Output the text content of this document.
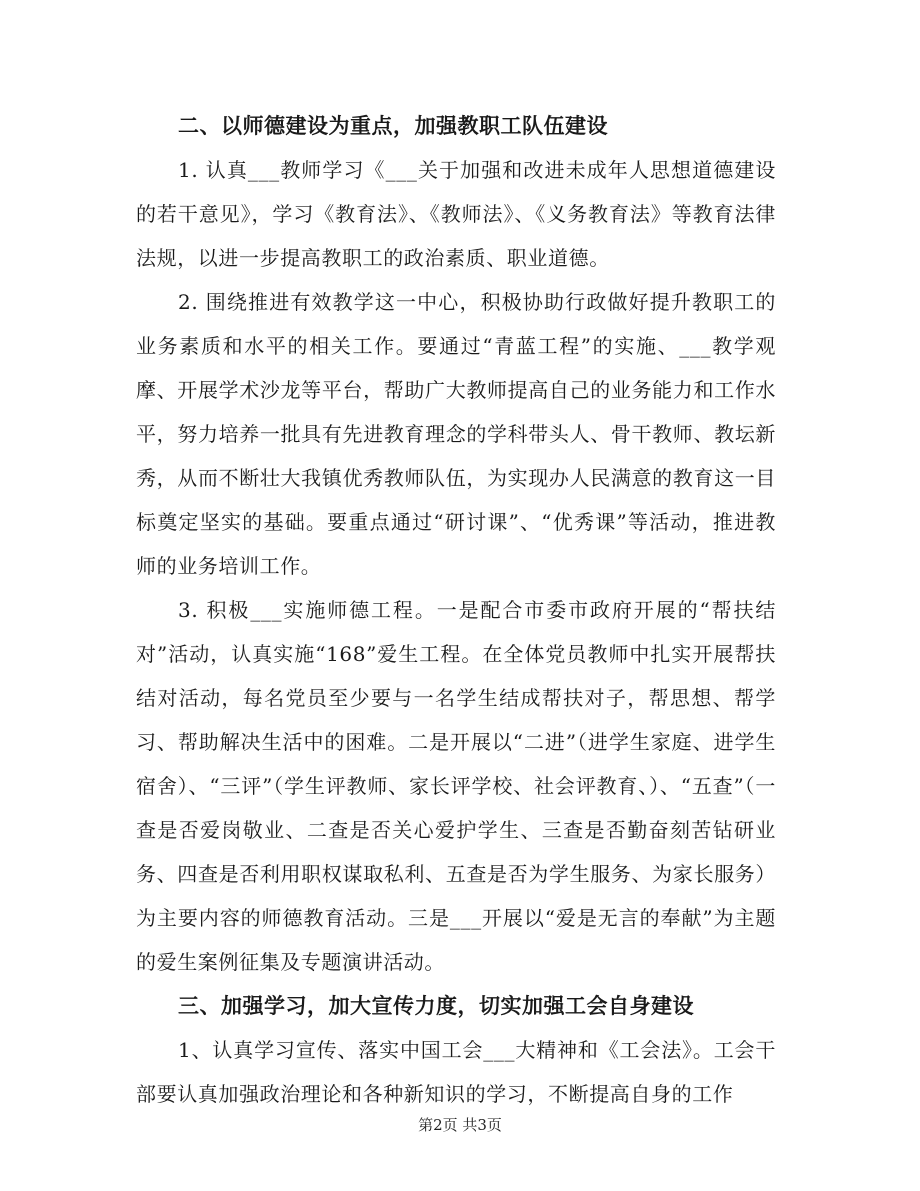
二、以师德建设为重点，加强教职工队伍建设

1. 认真___教师学习《___关于加强和改进未成年人思想道德建设的若干意见》，学习《教育法》、《教师法》、《义务教育法》等教育法律法规，以进一步提高教职工的政治素质、职业道德。

2. 围绕推进有效教学这一中心，积极协助行政做好提升教职工的业务素质和水平的相关工作。要通过“青蓝工程”的实施、___教学观摩、开展学术沙龙等平台，帮助广大教师提高自己的业务能力和工作水平，努力培养一批具有先进教育理念的学科带头人、骨干教师、教坛新秀，从而不断壮大我镇优秀教师队伍，为实现办人民满意的教育这一目标奠定坚实的基础。要重点通过“研讨课”、“优秀课”等活动，推进教师的业务培训工作。

3. 积极___实施师德工程。一是配合市委市政府开展的“帮扶结对”活动，认真实施“168”爱生工程。在全体党员教师中扎实开展帮扶结对活动，每名党员至少要与一名学生结成帮扶对子，帮思想、帮学习、帮助解决生活中的困难。二是开展以“二进”（进学生家庭、进学生宿舍）、“三评”（学生评教师、家长评学校、社会评教育、）、“五查”（一查是否爱岗敬业、二查是否关心爱护学生、三查是否勤奋刻苦钻研业务、四查是否利用职权谋取私利、五查是否为学生服务、为家长服务）为主要内容的师德教育活动。三是___开展以“爱是无言的奉献”为主题的爱生案例征集及专题演讲活动。

三、加强学习，加大宣传力度，切实加强工会自身建设

1、认真学习宣传、落实中国工会___大精神和《工会法》。工会干部要认真加强政治理论和各种新知识的学习，不断提高自身的工作

第2页 共3页
